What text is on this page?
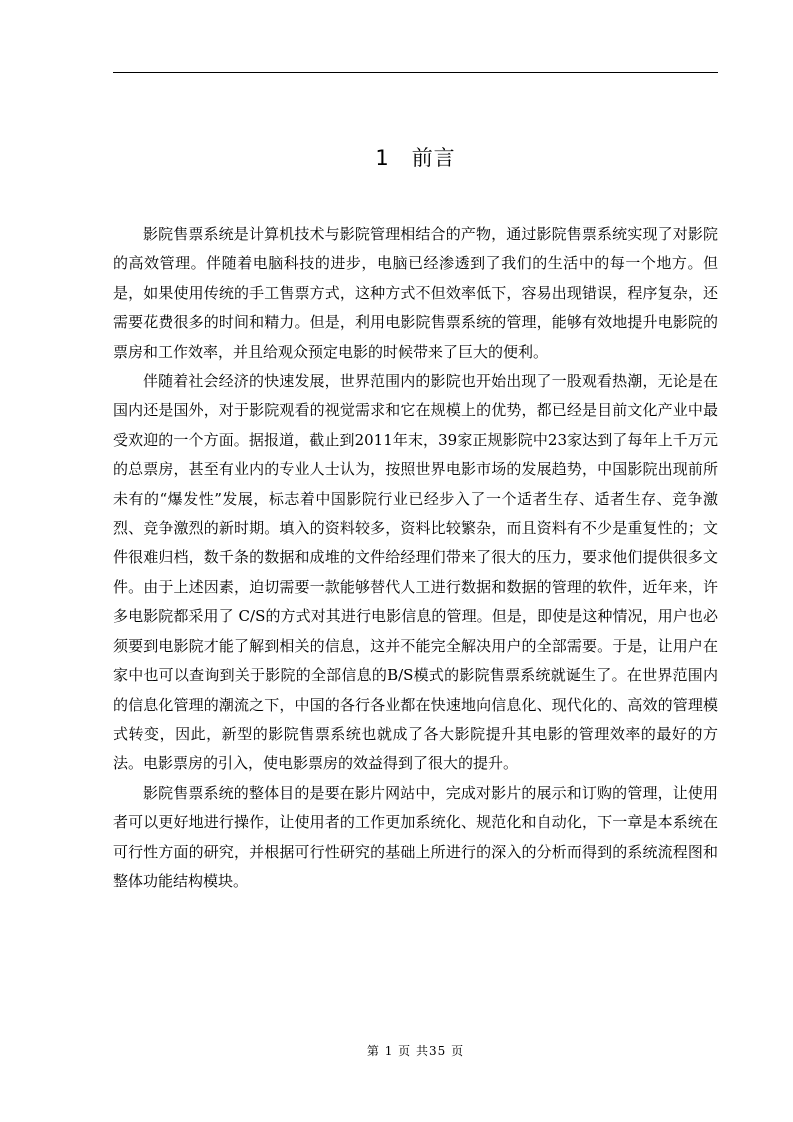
1 前言

影院售票系统是计算机技术与影院管理相结合的产物，通过影院售票系统实现了对影院的高效管理。伴随着电脑科技的进步，电脑已经渗透到了我们的生活中的每一个地方。但是，如果使用传统的手工售票方式，这种方式不但效率低下，容易出现错误，程序复杂，还需要花费很多的时间和精力。但是，利用电影院售票系统的管理，能够有效地提升电影院的票房和工作效率，并且给观众预定电影的时候带来了巨大的便利。

伴随着社会经济的快速发展，世界范围内的影院也开始出现了一股观看热潮，无论是在国内还是国外，对于影院观看的视觉需求和它在规模上的优势，都已经是目前文化产业中最受欢迎的一个方面。据报道，截止到2011年末，39家正规影院中23家达到了每年上千万元的总票房，甚至有业内的专业人士认为，按照世界电影市场的发展趋势，中国影院出现前所未有的“爆发性”发展，标志着中国影院行业已经步入了一个适者生存、适者生存、竞争激烈、竞争激烈的新时期。填入的资料较多，资料比较繁杂，而且资料有不少是重复性的；文件很难归档，数千条的数据和成堆的文件给经理们带来了很大的压力，要求他们提供很多文件。由于上述因素，迫切需要一款能够替代人工进行数据和数据的管理的软件，近年来，许多电影院都采用了 C/S的方式对其进行电影信息的管理。但是，即使是这种情况，用户也必须要到电影院才能了解到相关的信息，这并不能完全解决用户的全部需要。于是，让用户在家中也可以查询到关于影院的全部信息的B/S模式的影院售票系统就诞生了。在世界范围内的信息化管理的潮流之下，中国的各行各业都在快速地向信息化、现代化的、高效的管理模式转变，因此，新型的影院售票系统也就成了各大影院提升其电影的管理效率的最好的方法。电影票房的引入，使电影票房的效益得到了很大的提升。

影院售票系统的整体目的是要在影片网站中，完成对影片的展示和订购的管理，让使用者可以更好地进行操作，让使用者的工作更加系统化、规范化和自动化，下一章是本系统在可行性方面的研究，并根据可行性研究的基础上所进行的深入的分析而得到的系统流程图和整体功能结构模块。

第 1 页 共35 页
